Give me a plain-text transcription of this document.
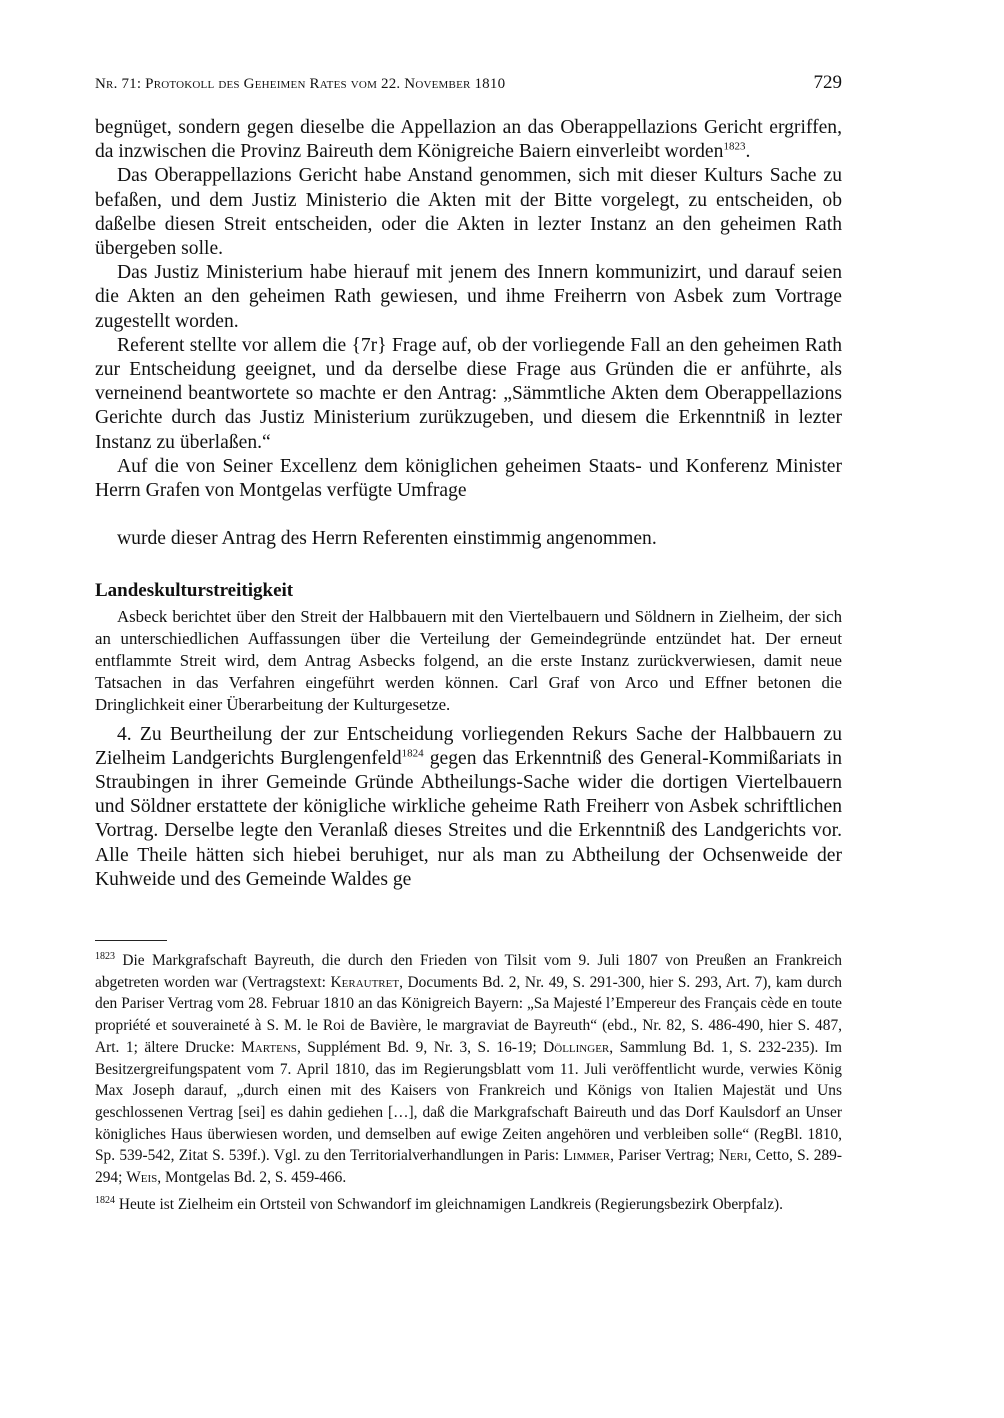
Nr. 71: Protokoll des Geheimen Rates vom 22. November 1810	729

begnüget, sondern gegen dieselbe die Appellazion an das Oberappellazions Gericht ergriffen, da inzwischen die Provinz Baireuth dem Königreiche Baiern einverleibt worden$^{1823}$.

Das Oberappellazions Gericht habe Anstand genommen, sich mit dieser Kulturs Sache zu befaßen, und dem Justiz Ministerio die Akten mit der Bitte vorgelegt, zu entscheiden, ob daßelbe diesen Streit entscheiden, oder die Akten in lezter Instanz an den geheimen Rath übergeben solle.

Das Justiz Ministerium habe hierauf mit jenem des Innern kommunizirt, und darauf seien die Akten an den geheimen Rath gewiesen, und ihme Freiherrn von Asbek zum Vortrage zugestellt worden.

Referent stellte vor allem die {7r} Frage auf, ob der vorliegende Fall an den geheimen Rath zur Entscheidung geeignet, und da derselbe diese Frage aus Gründen die er anführte, als verneinend beantwortete so machte er den Antrag: „Sämmtliche Akten dem Oberappellazions Gerichte durch das Justiz Ministerium zurükzugeben, und diesem die Erkenntniß in lezter Instanz zu überlaßen.“

Auf die von Seiner Excellenz dem königlichen geheimen Staats- und Konferenz Minister Herrn Grafen von Montgelas verfügte Umfrage

wurde dieser Antrag des Herrn Referenten einstimmig angenommen.

Landeskulturstreitigkeit

Asbeck berichtet über den Streit der Halbbauern mit den Viertelbauern und Söldnern in Zielheim, der sich an unterschiedlichen Auffassungen über die Verteilung der Gemeindegründe entzündet hat. Der erneut entflammte Streit wird, dem Antrag Asbecks folgend, an die erste Instanz zurückverwiesen, damit neue Tatsachen in das Verfahren eingeführt werden können. Carl Graf von Arco und Effner betonen die Dringlichkeit einer Überarbeitung der Kulturgesetze.

4. Zu Beurtheilung der zur Entscheidung vorliegenden Rekurs Sache der Halbbauern zu Zielheim Landgerichts Burglengenfeld$^{1824}$ gegen das Erkenntniß des General-Kommißariats in Straubingen in ihrer Gemeinde Gründe Abtheilungs-Sache wider die dortigen Viertelbauern und Söldner erstattete der königliche wirkliche geheime Rath Freiherr von Asbek schriftlichen Vortrag. Derselbe legte den Veranlaß dieses Streites und die Erkenntniß des Landgerichts vor. Alle Theile hätten sich hiebei beruhiget, nur als man zu Abtheilung der Ochsenweide der Kuhweide und des Gemeinde Waldes ge

$^{1823}$ Die Markgrafschaft Bayreuth, die durch den Frieden von Tilsit vom 9. Juli 1807 von Preußen an Frankreich abgetreten worden war (Vertragstext: Kerautret, Documents Bd. 2, Nr. 49, S. 291-300, hier S. 293, Art. 7), kam durch den Pariser Vertrag vom 28. Februar 1810 an das Königreich Bayern: „Sa Majesté l’Empereur des Français cède en toute propriété et souveraineté à S. M. le Roi de Bavière, le margraviat de Bayreuth“ (ebd., Nr. 82, S. 486-490, hier S. 487, Art. 1; ältere Drucke: Martens, Supplément Bd. 9, Nr. 3, S. 16-19; Döllinger, Sammlung Bd. 1, S. 232-235). Im Besitzergreifungspatent vom 7. April 1810, das im Regierungsblatt vom 11. Juli veröffentlicht wurde, verwies König Max Joseph darauf, „durch einen mit des Kaisers von Frankreich und Königs von Italien Majestät und Uns geschlossenen Vertrag [sei] es dahin gediehen […], daß die Markgrafschaft Baireuth und das Dorf Kaulsdorf an Unser königliches Haus überwiesen worden, und demselben auf ewige Zeiten angehören und verbleiben solle“ (RegBl. 1810, Sp. 539-542, Zitat S. 539f.). Vgl. zu den Territorialverhandlungen in Paris: Limmer, Pariser Vertrag; Neri, Cetto, S. 289-294; Weis, Montgelas Bd. 2, S. 459-466.

$^{1824}$ Heute ist Zielheim ein Ortsteil von Schwandorf im gleichnamigen Landkreis (Regierungsbezirk Oberpfalz).
